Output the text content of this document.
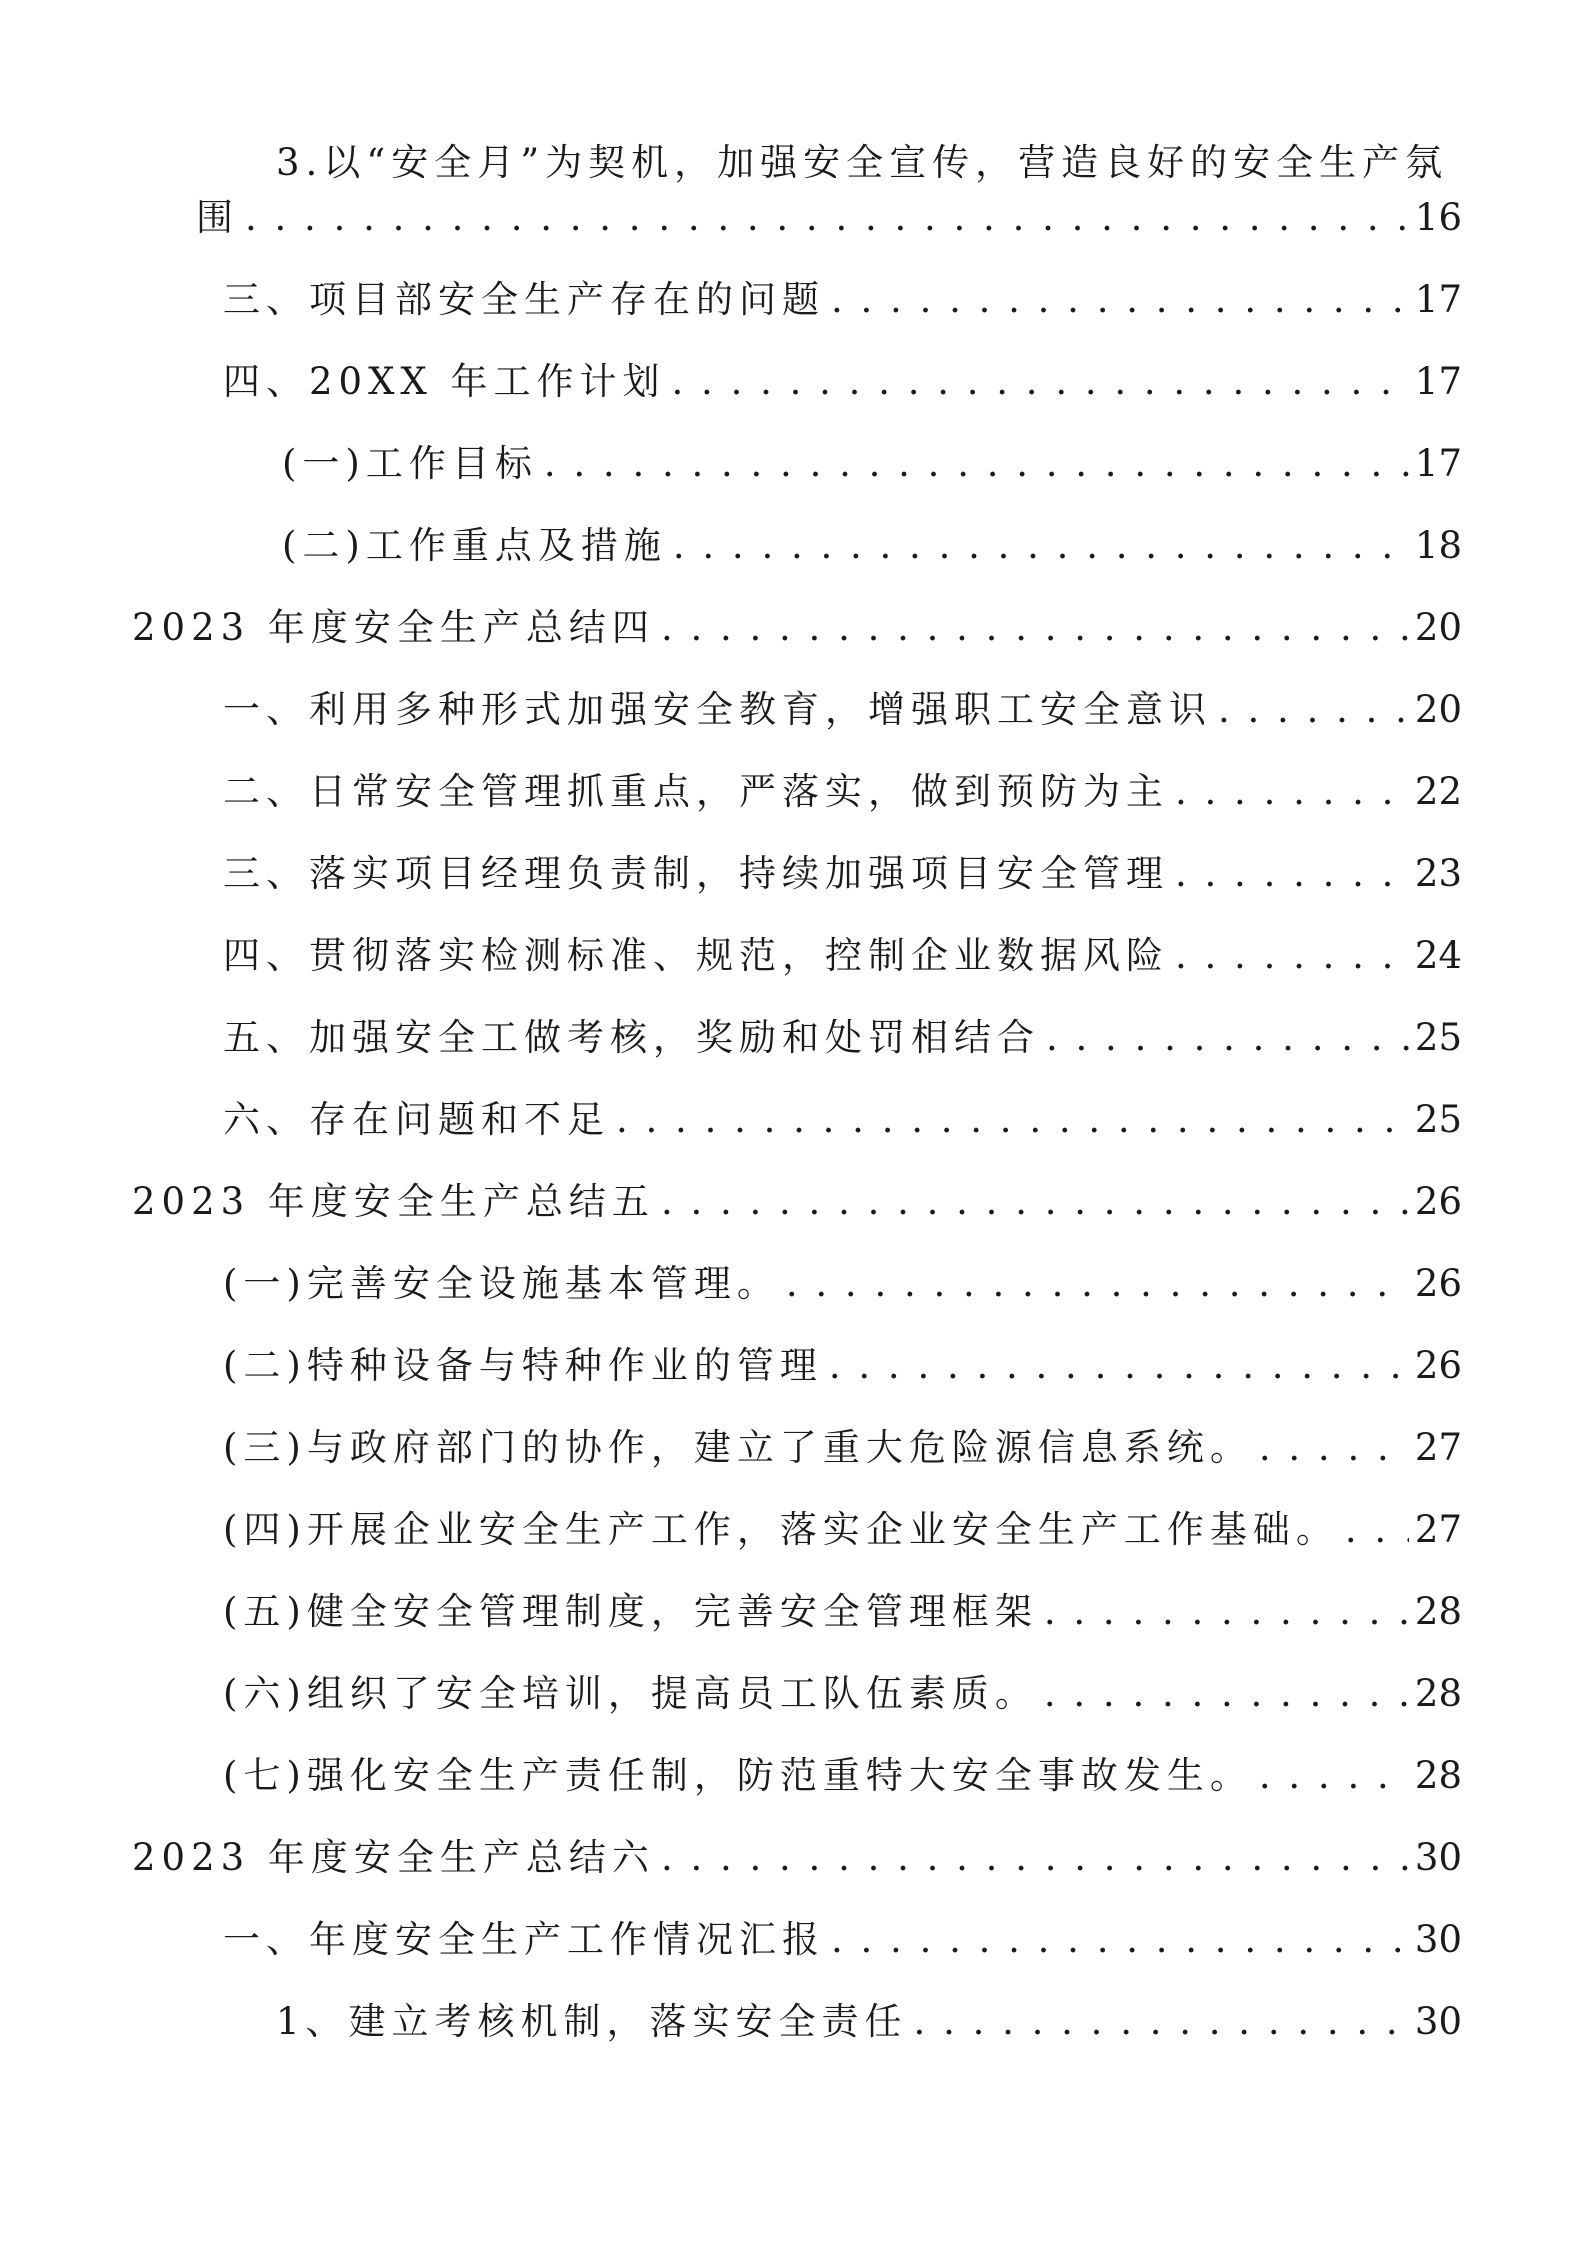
3.以“安全月”为契机，加强安全宣传，营造良好的安全生产氛
围 . . .	16
三、项目部安全生产存在的问题 . . .	17
四、20XX 年工作计划 . . .	17
(一)工作目标 . . .	17
(二)工作重点及措施 . . .	18
2023 年度安全生产总结四 . . .	20
一、利用多种形式加强安全教育，增强职工安全意识 . . .	20
二、日常安全管理抓重点，严落实，做到预防为主 . . .	22
三、落实项目经理负责制，持续加强项目安全管理 . . .	23
四、贯彻落实检测标准、规范，控制企业数据风险 . . .	24
五、加强安全工做考核，奖励和处罚相结合 . . .	25
六、存在问题和不足 . . .	25
2023 年度安全生产总结五 . . .	26
(一)完善安全设施基本管理。 . . .	26
(二)特种设备与特种作业的管理 . . .	26
(三)与政府部门的协作，建立了重大危险源信息系统。 . . .	27
(四)开展企业安全生产工作，落实企业安全生产工作基础。 . . . 27
(五)健全安全管理制度，完善安全管理框架 . . .	28
(六)组织了安全培训，提高员工队伍素质。 . . .	28
(七)强化安全生产责任制，防范重特大安全事故发生。 . . .	28
2023 年度安全生产总结六 . . .	30
一、年度安全生产工作情况汇报 . . .	30
1、建立考核机制，落实安全责任 . . .	30
